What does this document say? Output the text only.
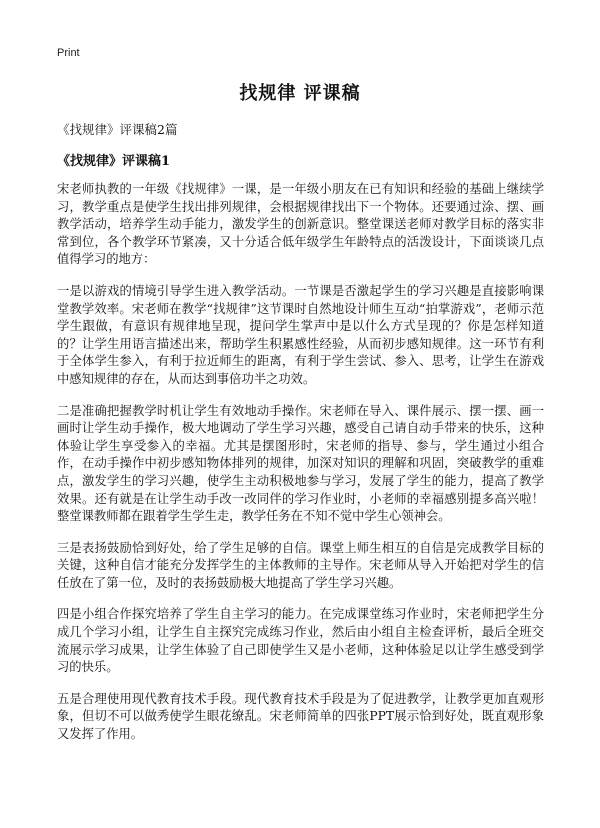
Print
找规律 评课稿

《找规律》评课稿2篇

《找规律》评课稿1

宋老师执教的一年级《找规律》一课，是一年级小朋友在已有知识和经验的基础上继续学习，教学重点是使学生找出排列规律，会根据规律找出下一个物体。还要通过涂、摆、画教学活动，培养学生动手能力，激发学生的创新意识。整堂课送老师对教学目标的落实非常到位，各个教学环节紧凑，又十分适合低年级学生年龄特点的活泼设计，下面谈谈几点值得学习的地方：

一是以游戏的情境引导学生进入教学活动。一节课是否激起学生的学习兴趣是直接影响课堂教学效率。宋老师在教学“找规律”这节课时自然地设计师生互动“拍掌游戏”，老师示范学生跟做，有意识有规律地呈现，提问学生掌声中是以什么方式呈现的？你是怎样知道的？让学生用语言描述出来，帮助学生积累感性经验，从而初步感知规律。这一环节有利于全体学生参入，有利于拉近师生的距离，有利于学生尝试、参入、思考，让学生在游戏中感知规律的存在，从而达到事倍功半之功效。

二是准确把握教学时机让学生有效地动手操作。宋老师在导入、课件展示、摆一摆、画一画时让学生动手操作，极大地调动了学生学习兴趣，感受自己请自动手带来的快乐，这种体验让学生享受参入的幸福。尤其是摆图形时，宋老师的指导、参与，学生通过小组合作，在动手操作中初步感知物体排列的规律，加深对知识的理解和巩固，突破教学的重难点，激发学生的学习兴趣，使学生主动积极地参与学习，发展了学生的能力，提高了教学效果。还有就是在让学生动手改一改同伴的学习作业时，小老师的幸福感别提多高兴啦！整堂课教师都在跟着学生学生走，教学任务在不知不觉中学生心领神会。

三是表扬鼓励恰到好处，给了学生足够的自信。课堂上师生相互的自信是完成教学目标的关键，这种自信才能充分发挥学生的主体教师的主导作。宋老师从导入开始把对学生的信任放在了第一位，及时的表扬鼓励极大地提高了学生学习兴趣。

四是小组合作探究培养了学生自主学习的能力。在完成课堂练习作业时，宋老师把学生分成几个学习小组，让学生自主探究完成练习作业，然后由小组自主检查评析，最后全班交流展示学习成果，让学生体验了自己即使学生又是小老师，这种体验足以让学生感受到学习的快乐。

五是合理使用现代教育技术手段。现代教育技术手段是为了促进教学，让教学更加直观形象，但切不可以做秀使学生眼花缭乱。宋老师简单的四张PPT展示恰到好处，既直观形象又发挥了作用。
